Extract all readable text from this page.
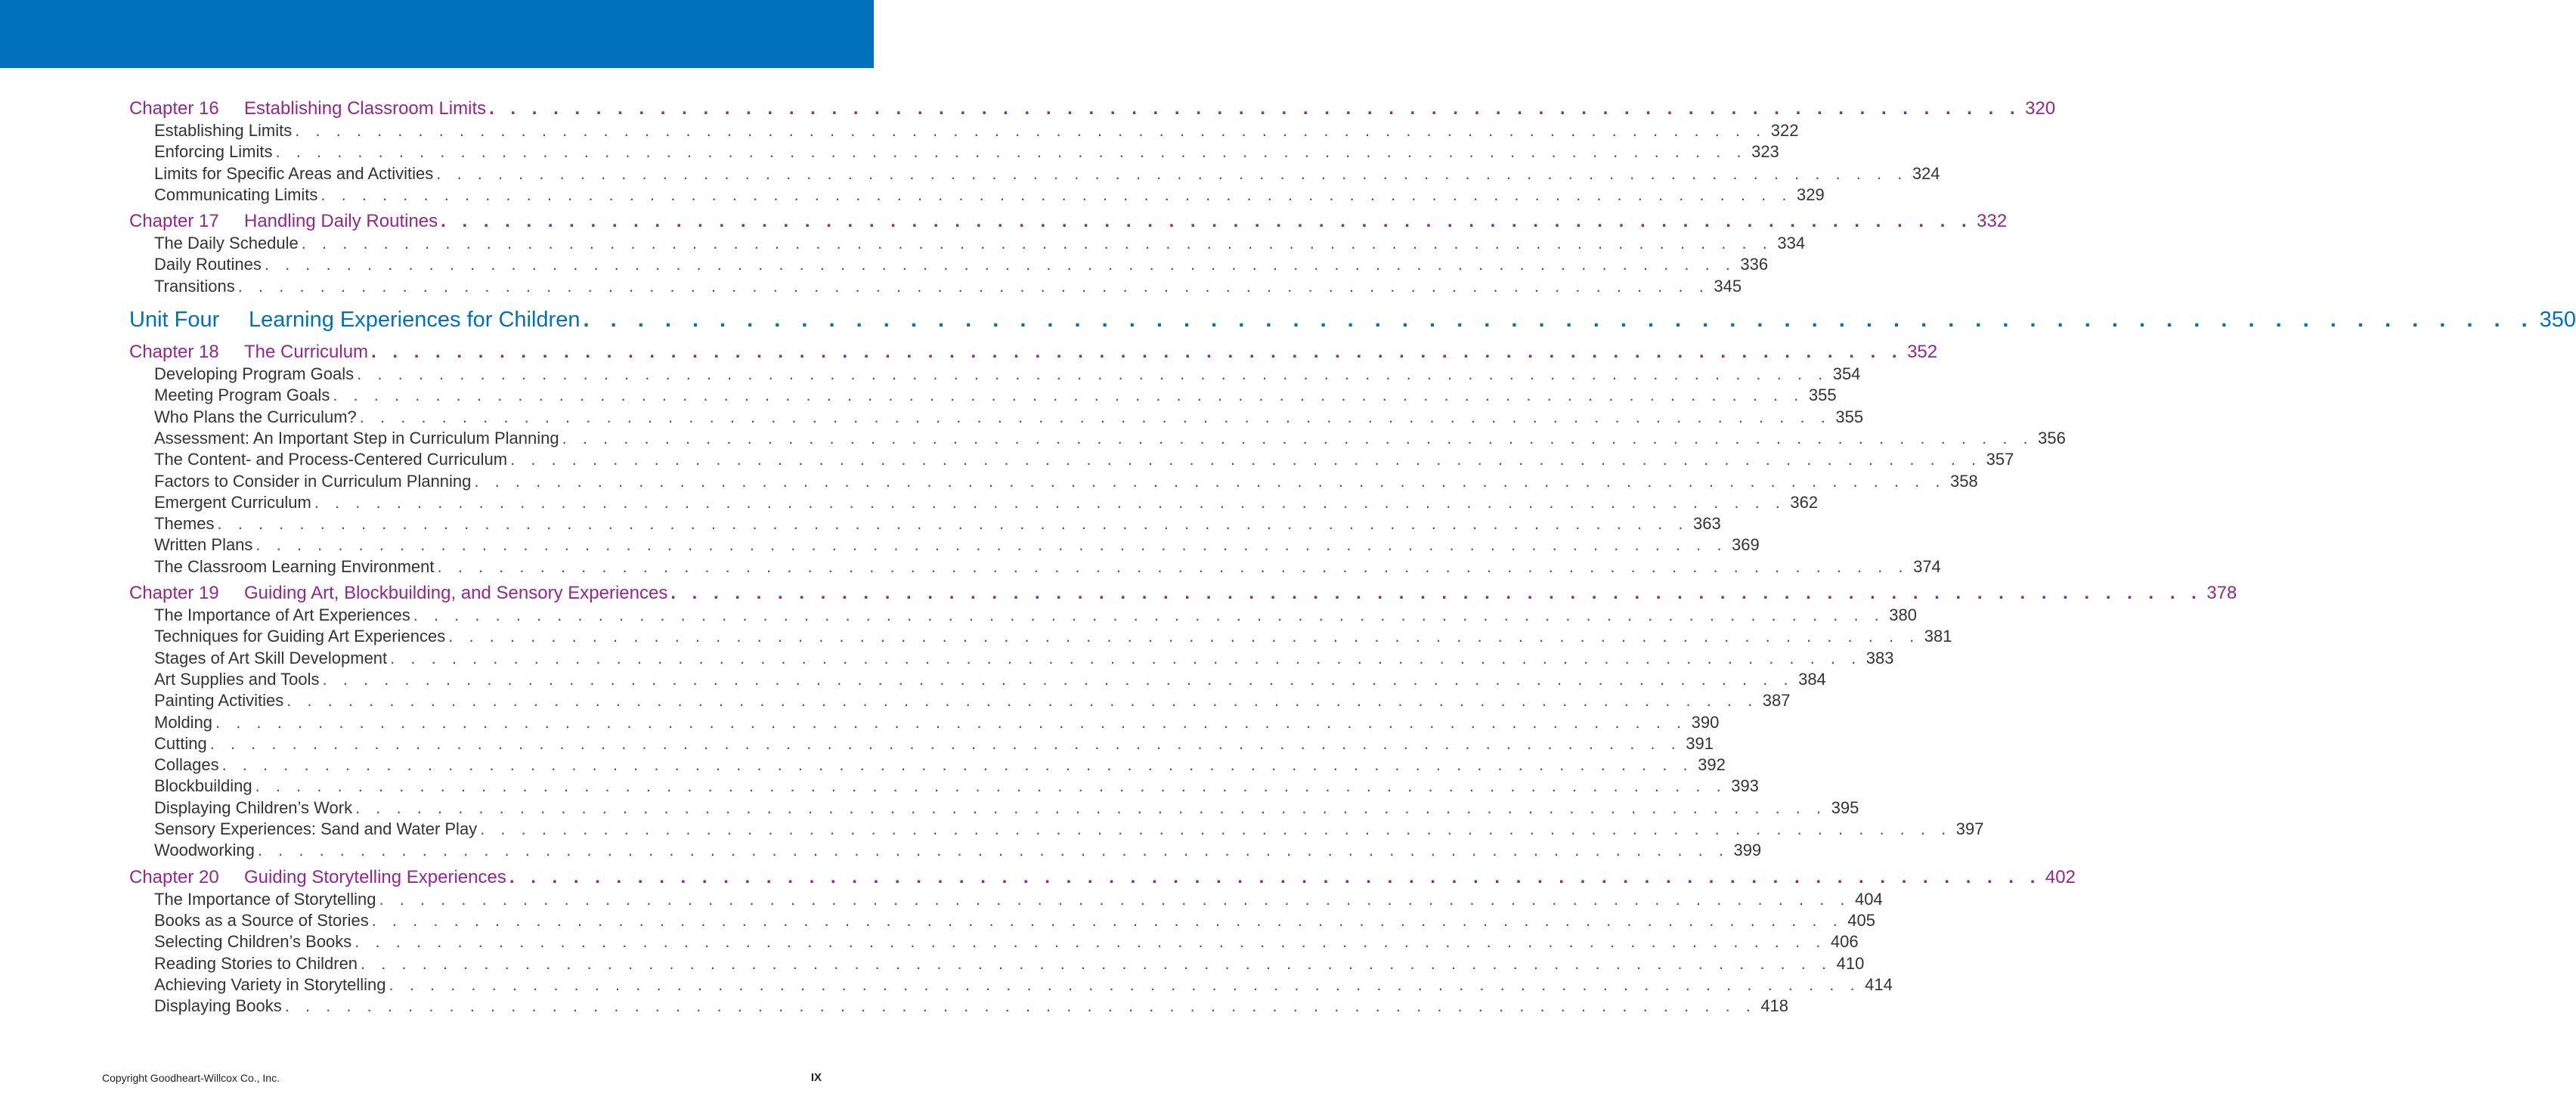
Chapter 16 Establishing Classroom Limits . . . . . . . . . . . . . . . . . . . . . . . . . . . . . . . . . . . . . . . . . . . . . . . . . . . . . . . . . . . . . . . . . . . . . . . . 320
Establishing Limits . . . . . . . . . . . . . . . . . . . . . . . . . . . . . . . . . . . . . . . . . . . . . . . . . . . . . . . . . . . . . . . . . . . . . . . . 322
Enforcing Limits . . . . . . . . . . . . . . . . . . . . . . . . . . . . . . . . . . . . . . . . . . . . . . . . . . . . . . . . . . . . . . . . . . . . . . . . 323
Limits for Specific Areas and Activities . . . . . . . . . . . . . . . . . . . . . . . . . . . . . . . . . . . . . . . . . . . . . . . . . . . . . . . . . . . . . . . . . . . . . . . . 324
Communicating Limits . . . . . . . . . . . . . . . . . . . . . . . . . . . . . . . . . . . . . . . . . . . . . . . . . . . . . . . . . . . . . . . . . . . . . . . . 329
Chapter 17 Handling Daily Routines . . . . . . . . . . . . . . . . . . . . . . . . . . . . . . . . . . . . . . . . . . . . . . . . . . . . . . . . . . . . . . . . . . . . . . . . 332
The Daily Schedule . . . . . . . . . . . . . . . . . . . . . . . . . . . . . . . . . . . . . . . . . . . . . . . . . . . . . . . . . . . . . . . . . . . . . . . . 334
Daily Routines . . . . . . . . . . . . . . . . . . . . . . . . . . . . . . . . . . . . . . . . . . . . . . . . . . . . . . . . . . . . . . . . . . . . . . . . 336
Transitions . . . . . . . . . . . . . . . . . . . . . . . . . . . . . . . . . . . . . . . . . . . . . . . . . . . . . . . . . . . . . . . . . . . . . . . . 345
Unit Four Learning Experiences for Children . . . . . . . . . . . . . . . . . . . . . . . . . . . . . . . . . . . . . . . . . . . . . . . . . . . . . . . . . . . . . . . . . . . . . . . . 350
Chapter 18 The Curriculum . . . . . . . . . . . . . . . . . . . . . . . . . . . . . . . . . . . . . . . . . . . . . . . . . . . . . . . . . . . . . . . . . . . . . . . . 352
Developing Program Goals . . . . . . . . . . . . . . . . . . . . . . . . . . . . . . . . . . . . . . . . . . . . . . . . . . . . . . . . . . . . . . . . . . . . . . . . 354
Meeting Program Goals . . . . . . . . . . . . . . . . . . . . . . . . . . . . . . . . . . . . . . . . . . . . . . . . . . . . . . . . . . . . . . . . . . . . . . . . 355
Who Plans the Curriculum? . . . . . . . . . . . . . . . . . . . . . . . . . . . . . . . . . . . . . . . . . . . . . . . . . . . . . . . . . . . . . . . . . . . . . . . . 355
Assessment: An Important Step in Curriculum Planning . . . . . . . . . . . . . . . . . . . . . . . . . . . . . . . . . . . . . . . . . . . . . . . . . . . . . . . . . . . . . . . . . . . . . . . . 356
The Content- and Process-Centered Curriculum . . . . . . . . . . . . . . . . . . . . . . . . . . . . . . . . . . . . . . . . . . . . . . . . . . . . . . . . . . . . . . . . . . . . . . . . 357
Factors to Consider in Curriculum Planning . . . . . . . . . . . . . . . . . . . . . . . . . . . . . . . . . . . . . . . . . . . . . . . . . . . . . . . . . . . . . . . . . . . . . . . . 358
Emergent Curriculum . . . . . . . . . . . . . . . . . . . . . . . . . . . . . . . . . . . . . . . . . . . . . . . . . . . . . . . . . . . . . . . . . . . . . . . . 362
Themes . . . . . . . . . . . . . . . . . . . . . . . . . . . . . . . . . . . . . . . . . . . . . . . . . . . . . . . . . . . . . . . . . . . . . . . . 363
Written Plans . . . . . . . . . . . . . . . . . . . . . . . . . . . . . . . . . . . . . . . . . . . . . . . . . . . . . . . . . . . . . . . . . . . . . . . . 369
The Classroom Learning Environment . . . . . . . . . . . . . . . . . . . . . . . . . . . . . . . . . . . . . . . . . . . . . . . . . . . . . . . . . . . . . . . . . . . . . . . . 374
Chapter 19 Guiding Art, Blockbuilding, and Sensory Experiences . . . . . . . . . . . . . . . . . . . . . . . . . . . . . . . . . . . . . . . . . . . . . . . . . . . . . . . . . . . . . . . . . . . . . . . . 378
The Importance of Art Experiences . . . . . . . . . . . . . . . . . . . . . . . . . . . . . . . . . . . . . . . . . . . . . . . . . . . . . . . . . . . . . . . . . . . . . . . . 380
Techniques for Guiding Art Experiences . . . . . . . . . . . . . . . . . . . . . . . . . . . . . . . . . . . . . . . . . . . . . . . . . . . . . . . . . . . . . . . . . . . . . . . . 381
Stages of Art Skill Development . . . . . . . . . . . . . . . . . . . . . . . . . . . . . . . . . . . . . . . . . . . . . . . . . . . . . . . . . . . . . . . . . . . . . . . . 383
Art Supplies and Tools . . . . . . . . . . . . . . . . . . . . . . . . . . . . . . . . . . . . . . . . . . . . . . . . . . . . . . . . . . . . . . . . . . . . . . . . 384
Painting Activities . . . . . . . . . . . . . . . . . . . . . . . . . . . . . . . . . . . . . . . . . . . . . . . . . . . . . . . . . . . . . . . . . . . . . . . . 387
Molding . . . . . . . . . . . . . . . . . . . . . . . . . . . . . . . . . . . . . . . . . . . . . . . . . . . . . . . . . . . . . . . . . . . . . . . . 390
Cutting . . . . . . . . . . . . . . . . . . . . . . . . . . . . . . . . . . . . . . . . . . . . . . . . . . . . . . . . . . . . . . . . . . . . . . . . 391
Collages . . . . . . . . . . . . . . . . . . . . . . . . . . . . . . . . . . . . . . . . . . . . . . . . . . . . . . . . . . . . . . . . . . . . . . . . 392
Blockbuilding . . . . . . . . . . . . . . . . . . . . . . . . . . . . . . . . . . . . . . . . . . . . . . . . . . . . . . . . . . . . . . . . . . . . . . . . 393
Displaying Children’s Work . . . . . . . . . . . . . . . . . . . . . . . . . . . . . . . . . . . . . . . . . . . . . . . . . . . . . . . . . . . . . . . . . . . . . . . . 395
Sensory Experiences: Sand and Water Play . . . . . . . . . . . . . . . . . . . . . . . . . . . . . . . . . . . . . . . . . . . . . . . . . . . . . . . . . . . . . . . . . . . . . . . . 397
Woodworking . . . . . . . . . . . . . . . . . . . . . . . . . . . . . . . . . . . . . . . . . . . . . . . . . . . . . . . . . . . . . . . . . . . . . . . . 399
Chapter 20 Guiding Storytelling Experiences . . . . . . . . . . . . . . . . . . . . . . . . . . . . . . . . . . . . . . . . . . . . . . . . . . . . . . . . . . . . . . . . . . . . . . . . 402
The Importance of Storytelling . . . . . . . . . . . . . . . . . . . . . . . . . . . . . . . . . . . . . . . . . . . . . . . . . . . . . . . . . . . . . . . . . . . . . . . . 404
Books as a Source of Stories . . . . . . . . . . . . . . . . . . . . . . . . . . . . . . . . . . . . . . . . . . . . . . . . . . . . . . . . . . . . . . . . . . . . . . . . 405
Selecting Children’s Books . . . . . . . . . . . . . . . . . . . . . . . . . . . . . . . . . . . . . . . . . . . . . . . . . . . . . . . . . . . . . . . . . . . . . . . . 406
Reading Stories to Children . . . . . . . . . . . . . . . . . . . . . . . . . . . . . . . . . . . . . . . . . . . . . . . . . . . . . . . . . . . . . . . . . . . . . . . . 410
Achieving Variety in Storytelling . . . . . . . . . . . . . . . . . . . . . . . . . . . . . . . . . . . . . . . . . . . . . . . . . . . . . . . . . . . . . . . . . . . . . . . . 414
Displaying Books . . . . . . . . . . . . . . . . . . . . . . . . . . . . . . . . . . . . . . . . . . . . . . . . . . . . . . . . . . . . . . . . . . . . . . . . 418
Copyright Goodheart-Willcox Co., Inc.	IX
